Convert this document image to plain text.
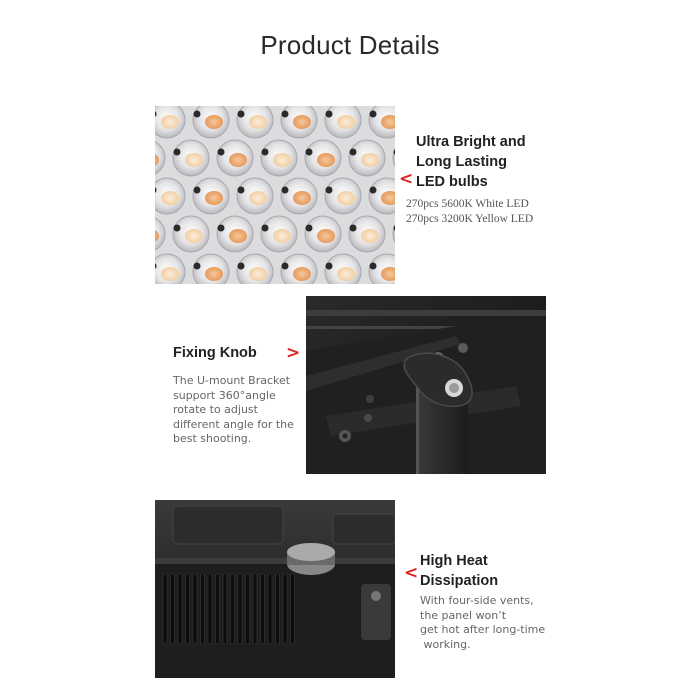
Product Details
<
Ultra Bright and
Long Lasting
LED bulbs
270pcs 5600K White LED
270pcs 3200K Yellow LED
Fixing Knob >
The U-mount Bracket
support 360°angle
rotate to adjust
different angle for the
best shooting.
<
High Heat
Dissipation
With four-side vents,
the panel won’t
get hot after long-time
working.
